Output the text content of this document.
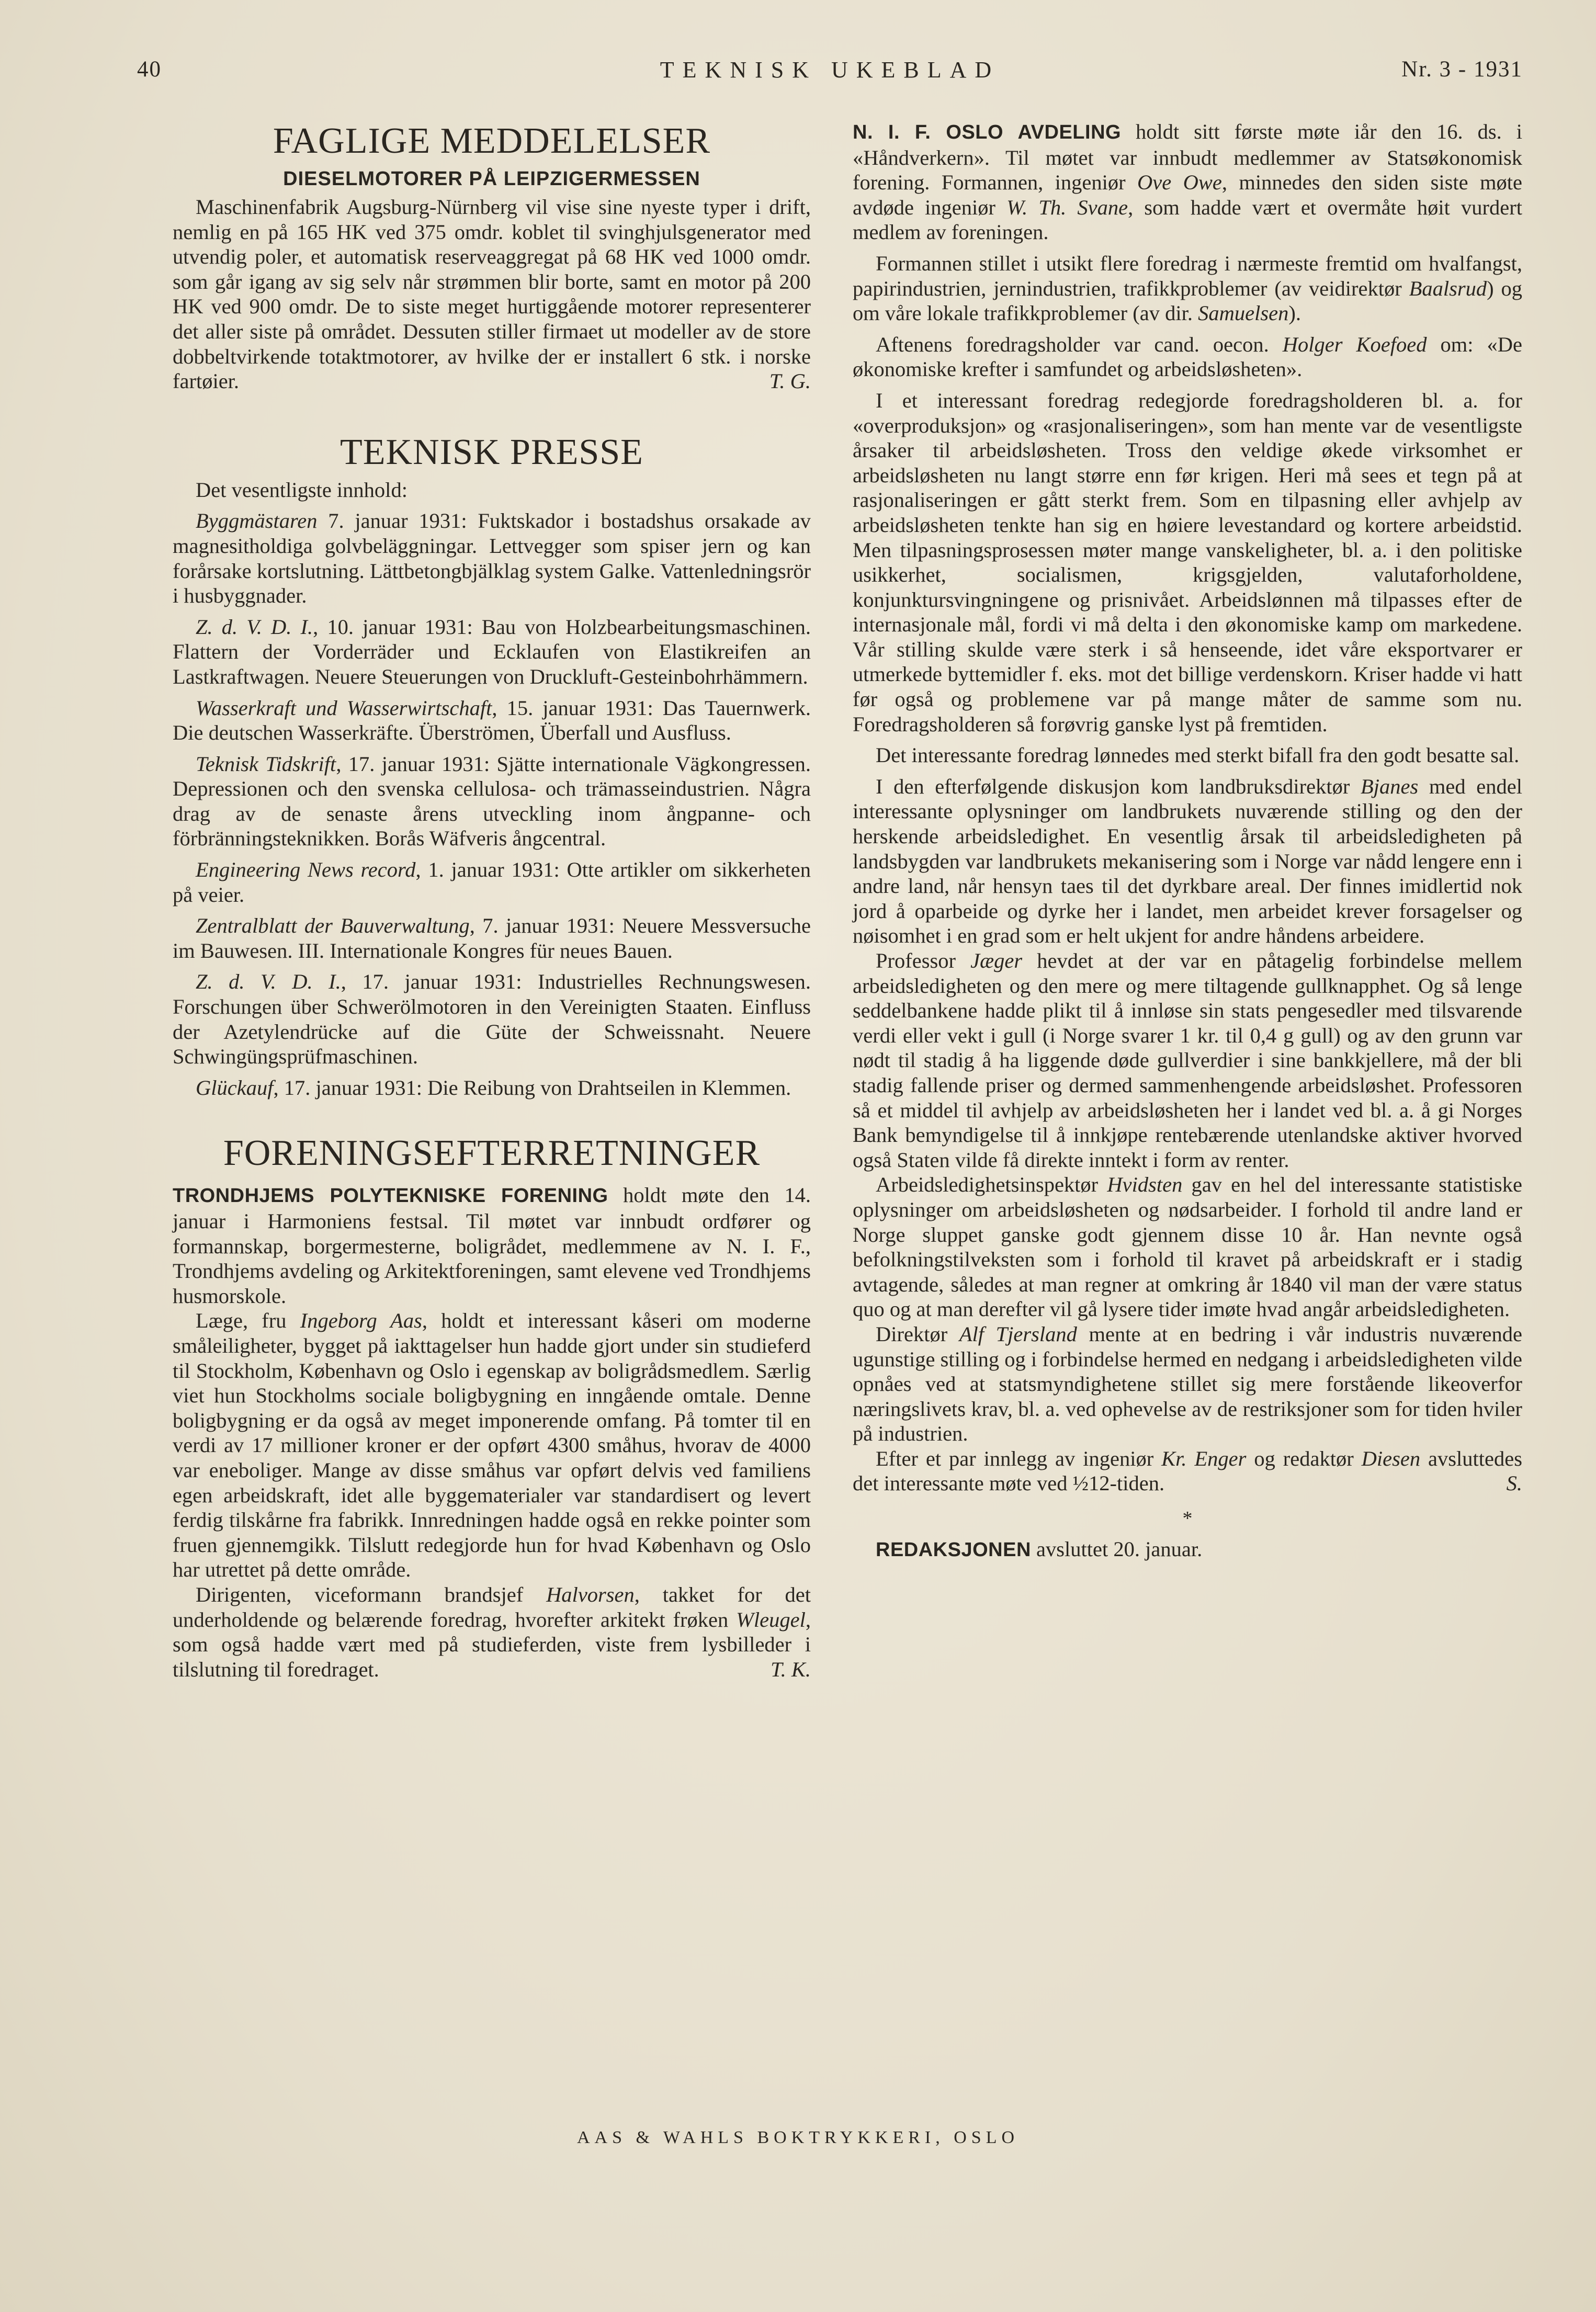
40	TEKNISK UKEBLAD	Nr. 3 - 1931
FAGLIGE MEDDELELSER
DIESELMOTORER PÅ LEIPZIGERMESSEN

Maschinenfabrik Augsburg-Nürnberg vil vise sine nyeste typer i drift, nemlig en på 165 HK ved 375 omdr. koblet til svinghjulsgenerator med utvendig poler, et automatisk reserveaggregat på 68 HK ved 1000 omdr. som går igang av sig selv når strømmen blir borte, samt en motor på 200 HK ved 900 omdr. De to siste meget hurtiggående motorer representerer det aller siste på området. Dessuten stiller firmaet ut modeller av de store dobbeltvirkende totaktmotorer, av hvilke der er installert 6 stk. i norske fartøier.	T. G.

TEKNISK PRESSE

Det vesentligste innhold:

Byggmästaren 7. januar 1931: Fuktskador i bostadshus orsakade av magnesitholdiga golvbeläggningar. Lettvegger som spiser jern og kan forårsake kortslutning. Lättbetongbjälklag system Galke. Vattenledningsrör i husbyggnader.

Z. d. V. D. I., 10. januar 1931: Bau von Holzbearbeitungsmaschinen. Flattern der Vorderräder und Ecklaufen von Elastikreifen an Lastkraftwagen. Neuere Steuerungen von Druckluft-Gesteinbohrhämmern.

Wasserkraft und Wasserwirtschaft, 15. januar 1931: Das Tauernwerk. Die deutschen Wasserkräfte. Überströmen, Überfall und Ausfluss.

Teknisk Tidskrift, 17. januar 1931: Sjätte internationale Vägkongressen. Depressionen och den svenska cellulosa- och trämasseindustrien. Några drag av de senaste årens utveckling inom ångpanne- och förbränningsteknikken. Borås Wäfveris ångcentral.

Engineering News record, 1. januar 1931: Otte artikler om sikkerheten på veier.

Zentralblatt der Bauverwaltung, 7. januar 1931: Neuere Messversuche im Bauwesen. III. Internationale Kongres für neues Bauen.

Z. d. V. D. I., 17. januar 1931: Industrielles Rechnungswesen. Forschungen über Schwerölmotoren in den Vereinigten Staaten. Einfluss der Azetylendrücke auf die Güte der Schweissnaht. Neuere Schwingüngsprüfmaschinen.

Glückauf, 17. januar 1931: Die Reibung von Drahtseilen in Klemmen.

FORENINGSEFTERRETNINGER

TRONDHJEMS POLYTEKNISKE FORENING holdt møte den 14. januar i Harmoniens festsal. Til møtet var innbudt ordfører og formannskap, borgermesterne, boligrådet, medlemmene av N. I. F., Trondhjems avdeling og Arkitektforeningen, samt elevene ved Trondhjems husmorskole.

Læge, fru Ingeborg Aas, holdt et interessant kåseri om moderne småleiligheter, bygget på iakttagelser hun hadde gjort under sin studieferd til Stockholm, København og Oslo i egenskap av boligrådsmedlem. Særlig viet hun Stockholms sociale boligbygning en inngående omtale. Denne boligbygning er da også av meget imponerende omfang. På tomter til en verdi av 17 millioner kroner er der opført 4300 småhus, hvorav de 4000 var eneboliger. Mange av disse småhus var opført delvis ved familiens egen arbeidskraft, idet alle byggematerialer var standardisert og levert ferdig tilskårne fra fabrikk. Innredningen hadde også en rekke pointer som fruen gjennemgikk. Tilslutt redegjorde hun for hvad København og Oslo har utrettet på dette område.

Dirigenten, viceformann brandsjef Halvorsen, takket for det underholdende og belærende foredrag, hvorefter arkitekt frøken Wleugel, som også hadde vært med på studieferden, viste frem lysbilleder i tilslutning til foredraget.	T. K.

N. I. F. OSLO AVDELING holdt sitt første møte iår den 16. ds. i «Håndverkern». Til møtet var innbudt medlemmer av Statsøkonomisk forening. Formannen, ingeniør Ove Owe, minnedes den siden siste møte avdøde ingeniør W. Th. Svane, som hadde vært et overmåte høit vurdert medlem av foreningen.

Formannen stillet i utsikt flere foredrag i nærmeste fremtid om hvalfangst, papirindustrien, jernindustrien, trafikkproblemer (av veidirektør Baalsrud) og om våre lokale trafikkproblemer (av dir. Samuelsen).

Aftenens foredragsholder var cand. oecon. Holger Koefoed om: «De økonomiske krefter i samfundet og arbeidsløsheten».

I et interessant foredrag redegjorde foredragsholderen bl. a. for «overproduksjon» og «rasjonaliseringen», som han mente var de vesentligste årsaker til arbeidsløsheten. Tross den veldige økede virksomhet er arbeidsløsheten nu langt større enn før krigen. Heri må sees et tegn på at rasjonaliseringen er gått sterkt frem. Som en tilpasning eller avhjelp av arbeidsløsheten tenkte han sig en høiere levestandard og kortere arbeidstid. Men tilpasningsprosessen møter mange vanskeligheter, bl. a. i den politiske usikkerhet, socialismen, krigsgjelden, valutaforholdene, konjunktursvingningene og prisnivået. Arbeidslønnen må tilpasses efter de internasjonale mål, fordi vi må delta i den økonomiske kamp om markedene. Vår stilling skulde være sterk i så henseende, idet våre eksportvarer er utmerkede byttemidler f. eks. mot det billige verdenskorn. Kriser hadde vi hatt før også og problemene var på mange måter de samme som nu. Foredragsholderen så forøvrig ganske lyst på fremtiden.

Det interessante foredrag lønnedes med sterkt bifall fra den godt besatte sal.

I den efterfølgende diskusjon kom landbruksdirektør Bjanes med endel interessante oplysninger om landbrukets nuværende stilling og den der herskende arbeidsledighet. En vesentlig årsak til arbeidsledigheten på landsbygden var landbrukets mekanisering som i Norge var nådd lengere enn i andre land, når hensyn taes til det dyrkbare areal. Der finnes imidlertid nok jord å oparbeide og dyrke her i landet, men arbeidet krever forsagelser og nøisomhet i en grad som er helt ukjent for andre håndens arbeidere.

Professor Jæger hevdet at der var en påtagelig forbindelse mellem arbeidsledigheten og den mere og mere tiltagende gullknapphet. Og så lenge seddelbankene hadde plikt til å innløse sin stats pengesedler med tilsvarende verdi eller vekt i gull (i Norge svarer 1 kr. til 0,4 g gull) og av den grunn var nødt til stadig å ha liggende døde gullverdier i sine bankkjellere, må der bli stadig fallende priser og dermed sammenhengende arbeidsløshet. Professoren så et middel til avhjelp av arbeidsløsheten her i landet ved bl. a. å gi Norges Bank bemyndigelse til å innkjøpe rentebærende utenlandske aktiver hvorved også Staten vilde få direkte inntekt i form av renter.

Arbeidsledighetsinspektør Hvidsten gav en hel del interessante statistiske oplysninger om arbeidsløsheten og nødsarbeider. I forhold til andre land er Norge sluppet ganske godt gjennem disse 10 år. Han nevnte også befolkningstilveksten som i forhold til kravet på arbeidskraft er i stadig avtagende, således at man regner at omkring år 1840 vil man der være status quo og at man derefter vil gå lysere tider imøte hvad angår arbeidsledigheten.

Direktør Alf Tjersland mente at en bedring i vår industris nuværende ugunstige stilling og i forbindelse hermed en nedgang i arbeidsledigheten vilde opnåes ved at statsmyndighetene stillet sig mere forstående likeoverfor næringslivets krav, bl. a. ved ophevelse av de restriksjoner som for tiden hviler på industrien.

Efter et par innlegg av ingeniør Kr. Enger og redaktør Diesen avsluttedes det interessante møte ved ½12-tiden.	S.

*

REDAKSJONEN avsluttet 20. januar.

AAS & WAHLS BOKTRYKKERI, OSLO
